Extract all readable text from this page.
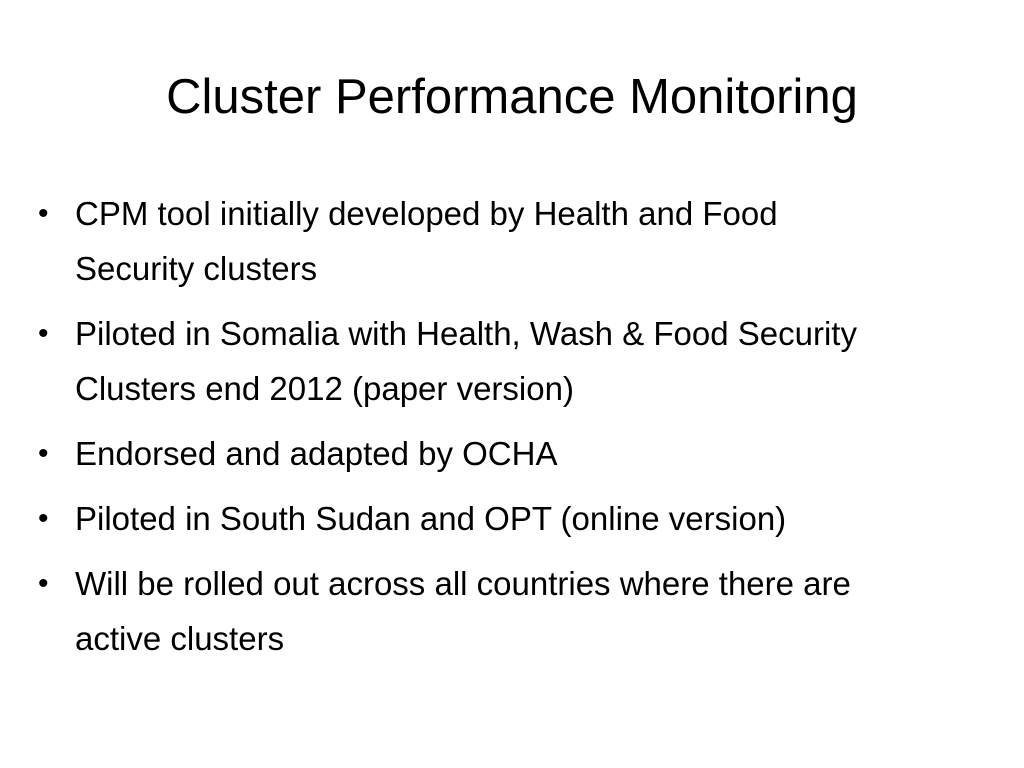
Cluster Performance Monitoring
• CPM tool initially developed by Health and Food Security clusters
• Piloted in Somalia with Health, Wash & Food Security Clusters end 2012 (paper version)
• Endorsed and adapted by OCHA
• Piloted in South Sudan and OPT (online version)
• Will be rolled out across all countries where there are active clusters
